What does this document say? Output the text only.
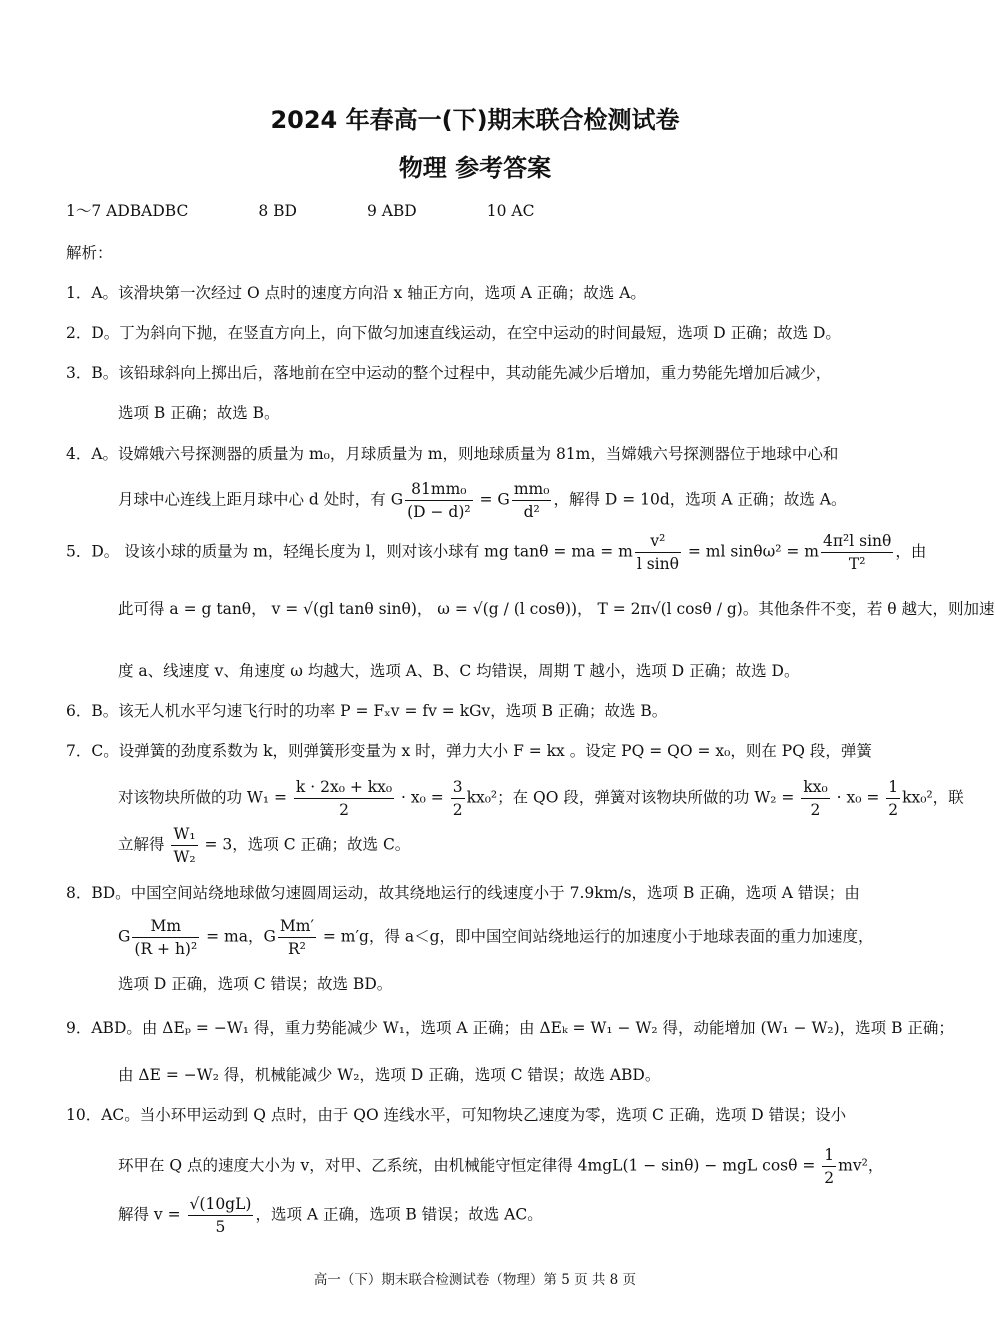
2024 年春高一(下)期末联合检测试卷
物理 参考答案
1～7 ADBADBC	8 BD	9 ABD	10 AC
解析：
1．A。该滑块第一次经过 O 点时的速度方向沿 x 轴正方向，选项 A 正确；故选 A。
2．D。丁为斜向下抛，在竖直方向上，向下做匀加速直线运动，在空中运动的时间最短，选项 D 正确；故选 D。
3．B。该铅球斜向上掷出后，落地前在空中运动的整个过程中，其动能先减少后增加，重力势能先增加后减少，
选项 B 正确；故选 B。
4．A。设嫦娥六号探测器的质量为 m₀，月球质量为 m，则地球质量为 81m，当嫦娥六号探测器位于地球中心和
月球中心连线上距月球中心 d 处时，有 G $\frac{\text{81mm₀}}{\text{(D − d)²}} = G \frac{\text{mm₀}}{\text{d²}}$ ，解得 D = 10d，选项 A 正确；故选 A。
5．D。 设该小球的质量为 m，轻绳长度为 l，则对该小球有 mg tanθ = ma = m $\frac{\text{v²}}{\text{l sinθ}}$ = ml sinθω² = m $\frac{\text{4π²l sinθ}}{\text{T²}}$ ，由
此可得 a = g tanθ， v = √(gl tanθ sinθ)， ω = √(g / (l cosθ))， T = 2π√(l cosθ / g)。其他条件不变，若 θ 越大，则加速
度 a、线速度 v、角速度 ω 均越大，选项 A、B、C 均错误，周期 T 越小，选项 D 正确；故选 D。
6．B。该无人机水平匀速飞行时的功率 P = Fₓv = fv = kGv，选项 B 正确；故选 B。
7．C。设弹簧的劲度系数为 k，则弹簧形变量为 x 时，弹力大小 F = kx 。设定 PQ = QO = x₀，则在 PQ 段，弹簧
对该物块所做的功 $W_1 = \frac{\text{k · 2x₀ + kx₀}}{2} \cdot x_0 = \frac{3}{2} kx_0^2$；在 QO 段，弹簧对该物块所做的功 $W_2 = \frac{\text{kx₀}}{2} \cdot x_0 = \frac{1}{2} kx_0^2$，联
立解得 $\frac{\text{W₁}}{\text{W₂}} = 3$，选项 C 正确；故选 C。
8．BD。中国空间站绕地球做匀速圆周运动，故其绕地运行的线速度小于 7.9km/s，选项 B 正确，选项 A 错误；由
G $\frac{Mm}{\text{(R + h)²}}$ = ma，G $\frac{Mm'}{\text{R²}} = m'g$，得 a＜g，即中国空间站绕地运行的加速度小于地球表面的重力加速度，
选项 D 正确，选项 C 错误；故选 BD。
9．ABD。由 ΔEₚ = −W₁ 得，重力势能减少 W₁，选项 A 正确；由 ΔEₖ = W₁ − W₂ 得，动能增加 (W₁ − W₂)，选项 B 正确；
由 ΔE = −W₂ 得，机械能减少 W₂，选项 D 正确，选项 C 错误；故选 ABD。
10．AC。当小环甲运动到 Q 点时，由于 QO 连线水平，可知物块乙速度为零，选项 C 正确，选项 D 错误；设小
环甲在 Q 点的速度大小为 v，对甲、乙系统，由机械能守恒定律得 4mgL(1 − sinθ) − mgL $\cos\theta = \frac{1}{2} mv^2$，
解得 $v = \frac{√(10gL)}{5}$ ，选项 A 正确，选项 B 错误；故选 AC。
高一（下）期末联合检测试卷（物理）第 5 页 共 8 页
